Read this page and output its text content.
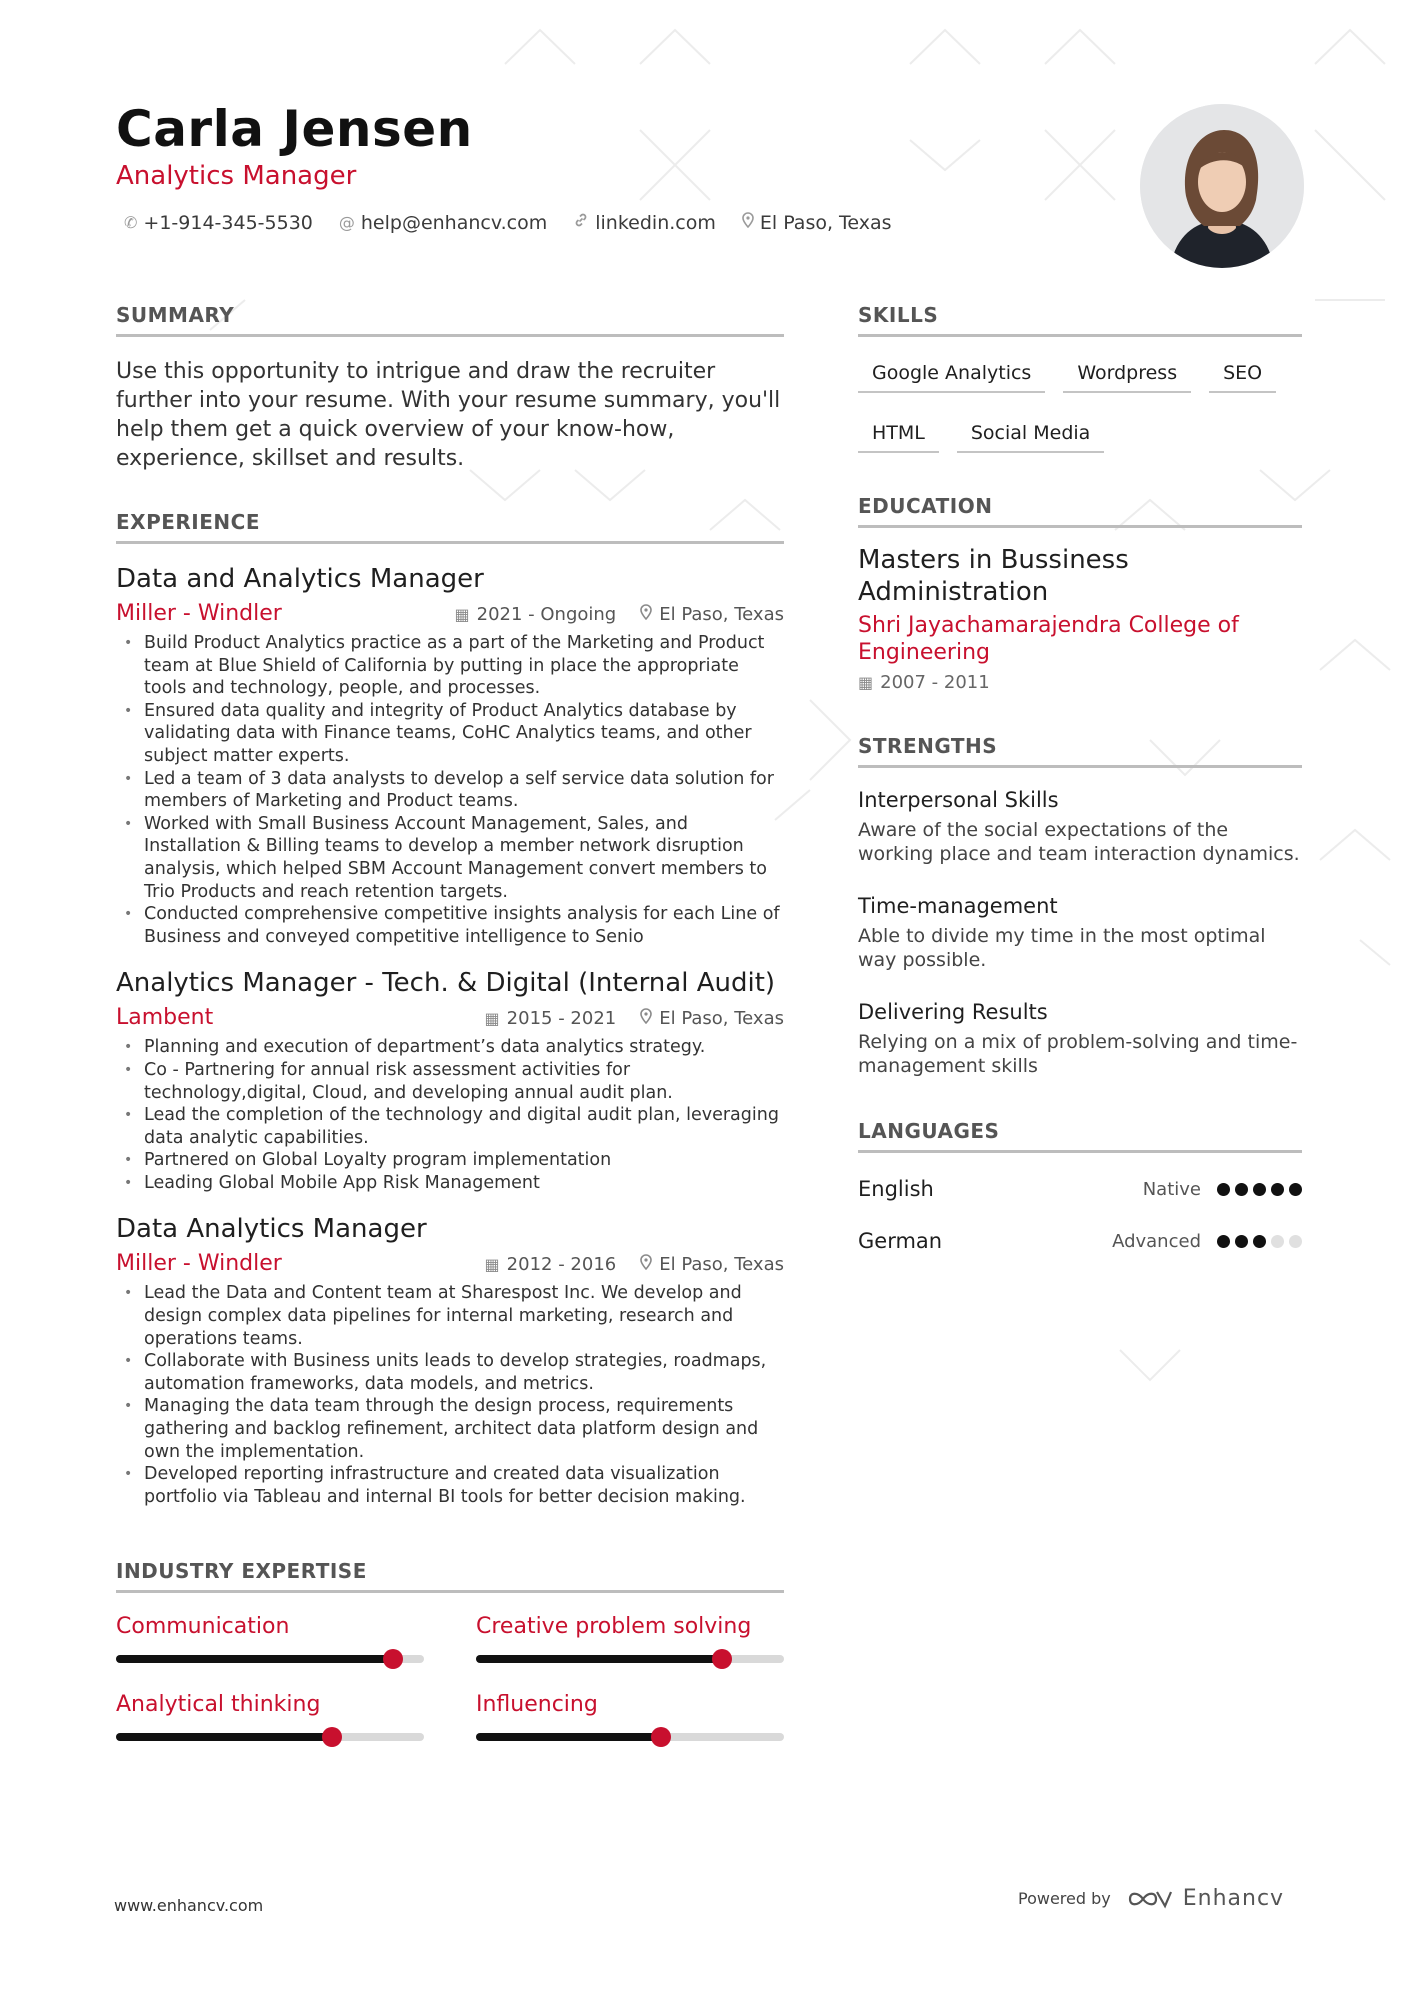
Carla Jensen
Analytics Manager
✆ +1-914-345-5530 @ help@enhancv.com	linkedin.com El Paso, Texas
SUMMARY

Use this opportunity to intrigue and draw the recruiter further into your resume. With your resume summary, you'll help them get a quick overview of your know-how, experience, skillset and results.

EXPERIENCE
Data and Analytics Manager
Miller - Windler	▦ 2021 - Ongoing El Paso, Texas
• Build Product Analytics practice as a part of the Marketing and Product team at Blue Shield of California by putting in place the appropriate tools and technology, people, and processes.
• Ensured data quality and integrity of Product Analytics database by validating data with Finance teams, CoHC Analytics teams, and other subject matter experts.
• Led a team of 3 data analysts to develop a self service data solution for members of Marketing and Product teams.
• Worked with Small Business Account Management, Sales, and Installation & Billing teams to develop a member network disruption analysis, which helped SBM Account Management convert members to Trio Products and reach retention targets.
• Conducted comprehensive competitive insights analysis for each Line of Business and conveyed competitive intelligence to Senio
Analytics Manager - Tech. & Digital (Internal Audit)
Lambent	▦ 2015 - 2021 El Paso, Texas
• Planning and execution of department’s data analytics strategy.
• Co - Partnering for annual risk assessment activities for technology,digital, Cloud, and developing annual audit plan.
• Lead the completion of the technology and digital audit plan, leveraging data analytic capabilities.
• Partnered on Global Loyalty program implementation
• Leading Global Mobile App Risk Management
Data Analytics Manager
Miller - Windler	▦ 2012 - 2016 El Paso, Texas
• Lead the Data and Content team at Sharespost Inc. We develop and design complex data pipelines for internal marketing, research and operations teams.
• Collaborate with Business units leads to develop strategies, roadmaps, automation frameworks, data models, and metrics.
• Managing the data team through the design process, requirements gathering and backlog refinement, architect data platform design and own the implementation.
• Developed reporting infrastructure and created data visualization portfolio via Tableau and internal BI tools for better decision making.
INDUSTRY EXPERTISE
Communication	Creative problem solving
Analytical thinking	Influencing
SKILLS
Google Analytics	Wordpress	SEO
HTML	Social Media
EDUCATION
Masters in Bussiness Administration
Shri Jayachamarajendra College of Engineering
▦ 2007 - 2011
STRENGTHS
Interpersonal Skills
Aware of the social expectations of the working place and team interaction dynamics.
Time-management
Able to divide my time in the most optimal way possible.
Delivering Results
Relying on a mix of problem-solving and time-management skills
LANGUAGES
English	Native
German	Advanced
www.enhancv.com	Powered by	Enhancv
